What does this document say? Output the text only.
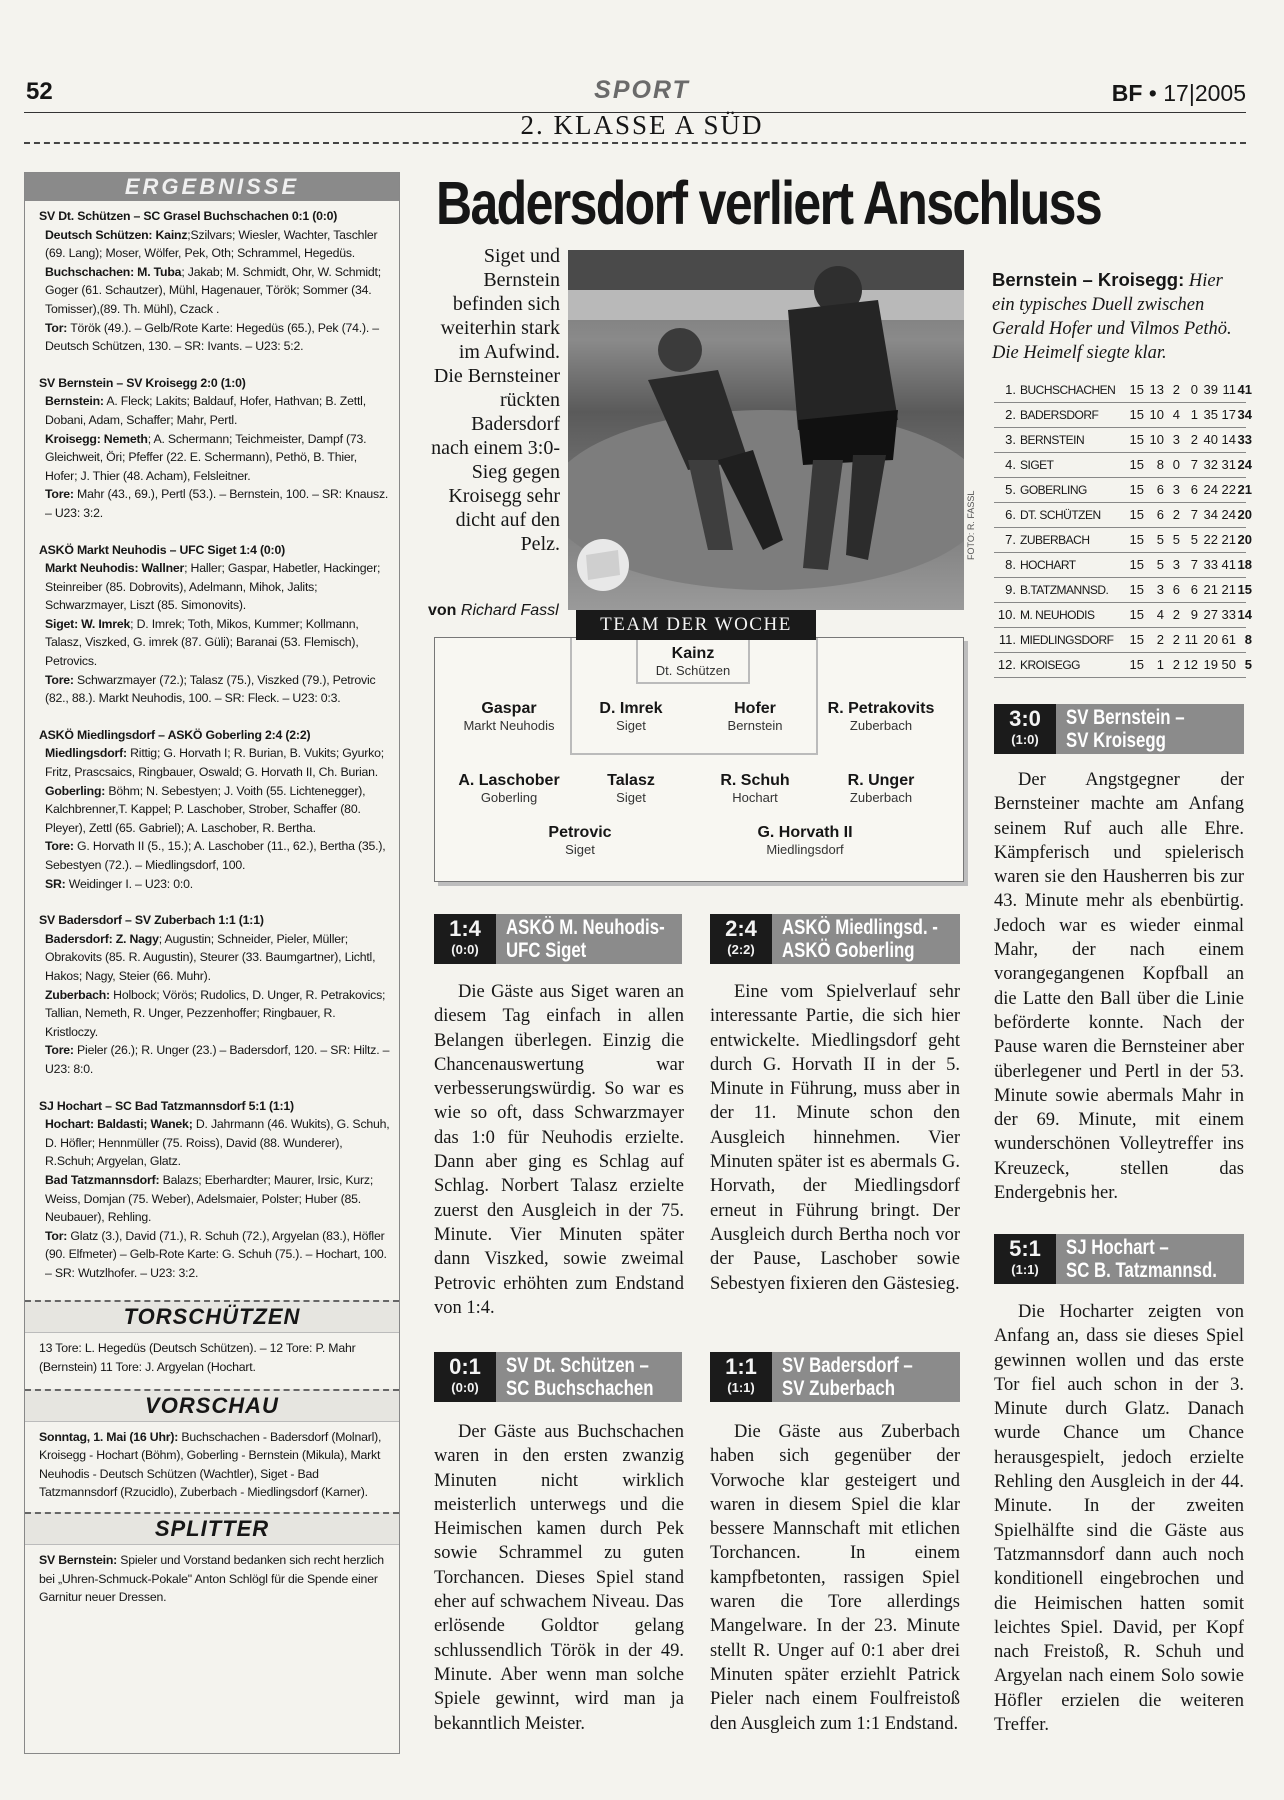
52	SPORT	BF • 17|2005
2. KLASSE A SÜD
ERGEBNISSE

SV Dt. Schützen – SC Grasel Buchschachen 0:1 (0:0)

Deutsch Schützen: Kainz;Szilvars; Wiesler, Wachter, Taschler (69. Lang); Moser, Wölfer, Pek, Oth; Schrammel, Hegedüs.

Buchschachen: M. Tuba; Jakab; M. Schmidt, Ohr, W. Schmidt; Goger (61. Schautzer), Mühl, Hagenauer, Török; Sommer (34. Tomisser),(89. Th. Mühl), Czack .

Tor: Török (49.). – Gelb/Rote Karte: Hegedüs (65.), Pek (74.). – Deutsch Schützen, 130. – SR: Ivants. – U23: 5:2.

SV Bernstein – SV Kroisegg 2:0 (1:0)

Bernstein: A. Fleck; Lakits; Baldauf, Hofer, Hathvan; B. Zettl, Dobani, Adam, Schaffer; Mahr, Pertl.

Kroisegg: Nemeth; A. Schermann; Teichmeister, Dampf (73. Gleichweit, Öri; Pfeffer (22. E. Schermann), Pethö, B. Thier, Hofer; J. Thier (48. Acham), Felsleitner.

Tore: Mahr (43., 69.), Pertl (53.). – Bernstein, 100. – SR: Knausz. – U23: 3:2.

ASKÖ Markt Neuhodis – UFC Siget 1:4 (0:0)

Markt Neuhodis: Wallner; Haller; Gaspar, Habetler, Hackinger; Steinreiber (85. Dobrovits), Adelmann, Mihok, Jalits; Schwarzmayer, Liszt (85. Simonovits).

Siget: W. Imrek; D. Imrek; Toth, Mikos, Kummer; Kollmann, Talasz, Viszked, G. imrek (87. Güli); Baranai (53. Flemisch), Petrovics.

Tore: Schwarzmayer (72.); Talasz (75.), Viszked (79.), Petrovic (82., 88.). Markt Neuhodis, 100. – SR: Fleck. – U23: 0:3.

ASKÖ Miedlingsdorf – ASKÖ Goberling 2:4 (2:2)

Miedlingsdorf: Rittig; G. Horvath I; R. Burian, B. Vukits; Gyurko; Fritz, Prascsaics, Ringbauer, Oswald; G. Horvath II, Ch. Burian.

Goberling: Böhm; N. Sebestyen; J. Voith (55. Lichtenegger), Kalchbrenner,T. Kappel; P. Laschober, Strober, Schaffer (80. Pleyer), Zettl (65. Gabriel); A. Laschober, R. Bertha.

Tore: G. Horvath II (5., 15.); A. Laschober (11., 62.), Bertha (35.), Sebestyen (72.). – Miedlingsdorf, 100.

SR: Weidinger I. – U23: 0:0.

SV Badersdorf – SV Zuberbach 1:1 (1:1)

Badersdorf: Z. Nagy; Augustin; Schneider, Pieler, Müller; Obrakovits (85. R. Augustin), Steurer (33. Baumgartner), Lichtl, Hakos; Nagy, Steier (66. Muhr).

Zuberbach: Holbock; Vörös; Rudolics, D. Unger, R. Petrakovics; Tallian, Nemeth, R. Unger, Pezzenhoffer; Ringbauer, R. Kristloczy.

Tore: Pieler (26.); R. Unger (23.) – Badersdorf, 120. – SR: Hiltz. – U23: 8:0.

SJ Hochart – SC Bad Tatzmannsdorf 5:1 (1:1)

Hochart: Baldasti; Wanek; D. Jahrmann (46. Wukits), G. Schuh, D. Höfler; Hennmüller (75. Roiss), David (88. Wunderer), R.Schuh; Argyelan, Glatz.

Bad Tatzmannsdorf: Balazs; Eberhardter; Maurer, Irsic, Kurz; Weiss, Domjan (75. Weber), Adelsmaier, Polster; Huber (85. Neubauer), Rehling.

Tor: Glatz (3.), David (71.), R. Schuh (72.), Argyelan (83.), Höfler (90. Elfmeter) – Gelb-Rote Karte: G. Schuh (75.). – Hochart, 100. – SR: Wutzlhofer. – U23: 3:2.

TORSCHÜTZEN
13 Tore: L. Hegedüs (Deutsch Schützen). – 12 Tore: P. Mahr (Bernstein) 11 Tore: J. Argyelan (Hochart.
VORSCHAU
Sonntag, 1. Mai (16 Uhr): Buchschachen - Badersdorf (Molnarl), Kroisegg - Hochart (Böhm), Goberling - Bernstein (Mikula), Markt Neuhodis - Deutsch Schützen (Wachtler), Siget - Bad Tatzmannsdorf (Rzucidlo), Zuberbach - Miedlingsdorf (Karner).
SPLITTER
SV Bernstein: Spieler und Vorstand bedanken sich recht herzlich bei „Uhren-Schmuck-Pokale" Anton Schlögl für die Spende einer Garnitur neuer Dressen.
Badersdorf verliert Anschluss
Siget und Bernstein befinden sich weiterhin stark im Aufwind. Die Bernsteiner rückten Badersdorf nach einem 3:0-Sieg gegen Kroisegg sehr dicht auf den Pelz.
von Richard Fassl
FOTO: R. FASSL
Bernstein – Kroisegg: Hier ein typisches Duell zwischen Gerald Hofer und Vilmos Pethö. Die Heimelf siegte klar.
1. BUCHSCHACHEN	15 13 2 0 39 11 41
2. BADERSDORF	15 10 4 1 35 17 34
3. BERNSTEIN	15 10 3 2 40 14 33
4. SIGET	15 8 0 7 32 31 24
5. GOBERLING	15 6 3 6 24 22 21
6. DT. SCHÜTZEN	15 6 2 7 34 24 20
7. ZUBERBACH	15 5 5 5 22 21 20
8. HOCHART	15 5 3 7 33 41 18
9. B.TATZMANNSD.	15 3 6 6 21 21 15
10. M. NEUHODIS	15 4 2 9 27 33 14
11. MIEDLINGSDORF	15 2 2 11 20 61 8
12. KROISEGG	15 1 2 12 19 50 5
TEAM DER WOCHE
Kainz
Dt. Schützen
Gaspar
Markt Neuhodis
D. Imrek
Siget
Hofer
Bernstein
R. Petrakovits
Zuberbach
A. Laschober
Goberling
Talasz
Siget
R. Schuh
Hochart
R. Unger
Zuberbach
Petrovic
Siget
G. Horvath II
Miedlingsdorf
1:4
(0:0)
ASKÖ M. Neuhodis-
UFC Siget

Die Gäste aus Siget waren an diesem Tag einfach in allen Belangen überlegen. Einzig die Chancenauswertung war verbesserungswürdig. So war es wie so oft, dass Schwarzmayer das 1:0 für Neuhodis erzielte. Dann aber ging es Schlag auf Schlag. Norbert Talasz erzielte zuerst den Ausgleich in der 75. Minute. Vier Minuten später dann Viszked, sowie zweimal Petrovic erhöhten zum Endstand von 1:4.

2:4
(2:2)
ASKÖ Miedlingsd. -
ASKÖ Goberling

Eine vom Spielverlauf sehr interessante Partie, die sich hier entwickelte. Miedlingsdorf geht durch G. Horvath II in der 5. Minute in Führung, muss aber in der 11. Minute schon den Ausgleich hinnehmen. Vier Minuten später ist es abermals G. Horvath, der Miedlingsdorf erneut in Führung bringt. Der Ausgleich durch Bertha noch vor der Pause, Laschober sowie Sebestyen fixieren den Gästesieg.

3:0
(1:0)
SV Bernstein –
SV Kroisegg

Der Angstgegner der Bernsteiner machte am Anfang seinem Ruf auch alle Ehre. Kämpferisch und spielerisch waren sie den Hausherren bis zur 43. Minute mehr als ebenbürtig. Jedoch war es wieder einmal Mahr, der nach einem vorangegangenen Kopfball an die Latte den Ball über die Linie beförderte konnte. Nach der Pause waren die Bernsteiner aber überlegener und Pertl in der 53. Minute sowie abermals Mahr in der 69. Minute, mit einem wunderschönen Volleytreffer ins Kreuzeck, stellen das Endergebnis her.

0:1
(0:0)
SV Dt. Schützen –
SC Buchschachen

Der Gäste aus Buchschachen waren in den ersten zwanzig Minuten nicht wirklich meisterlich unterwegs und die Heimischen kamen durch Pek sowie Schrammel zu guten Torchancen. Dieses Spiel stand eher auf schwachem Niveau. Das erlösende Goldtor gelang schlussendlich Török in der 49. Minute. Aber wenn man solche Spiele gewinnt, wird man ja bekanntlich Meister.

1:1
(1:1)
SV Badersdorf –
SV Zuberbach

Die Gäste aus Zuberbach haben sich gegenüber der Vorwoche klar gesteigert und waren in diesem Spiel die klar bessere Mannschaft mit etlichen Torchancen. In einem kampfbetonten, rassigen Spiel waren die Tore allerdings Mangelware. In der 23. Minute stellt R. Unger auf 0:1 aber drei Minuten später erziehlt Patrick Pieler nach einem Foulfreistoß den Ausgleich zum 1:1 Endstand.

5:1
(1:1)
SJ Hochart –
SC B. Tatzmannsd.

Die Hocharter zeigten von Anfang an, dass sie dieses Spiel gewinnen wollen und das erste Tor fiel auch schon in der 3. Minute durch Glatz. Danach wurde Chance um Chance herausgespielt, jedoch erzielte Rehling den Ausgleich in der 44. Minute. In der zweiten Spielhälfte sind die Gäste aus Tatzmannsdorf dann auch noch konditionell eingebrochen und die Heimischen hatten somit leichtes Spiel. David, per Kopf nach Freistoß, R. Schuh und Argyelan nach einem Solo sowie Höfler erzielen die weiteren Treffer.
